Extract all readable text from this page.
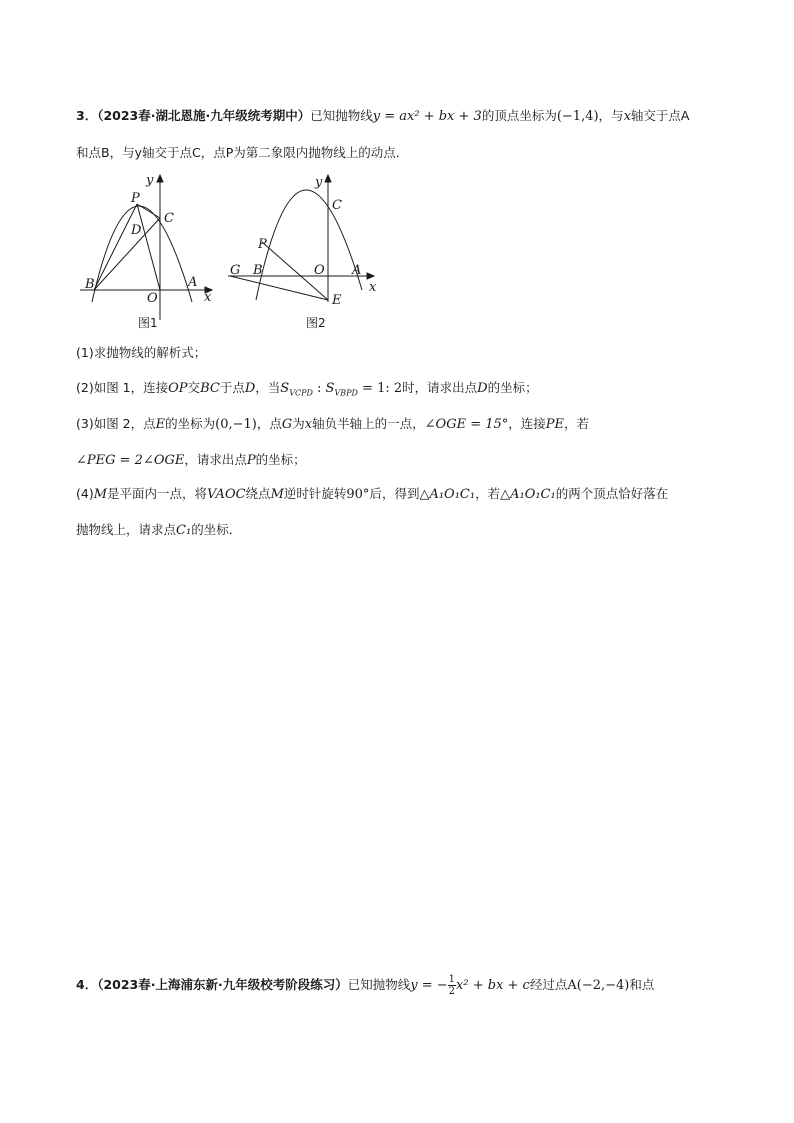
3．（2023春·湖北恩施·九年级统考期中）已知抛物线y = ax² + bx + 3的顶点坐标为(−1,4)，与x轴交于点A
和点B，与y轴交于点C，点P为第二象限内抛物线上的动点．
P
C
D
B	A
O	x
y
图1
P
C
G B	O A
E
x
y
图2
(1)求抛物线的解析式；
(2)如图 1，连接OP交BC于点D，当$S_{VCPD}$ : $S_{VBPD} = 1$: 2时，请求出点D的坐标；
(3)如图 2，点E的坐标为(0,−1)，点G为x轴负半轴上的一点，∠OGE = 15°，连接PE，若
∠PEG = 2∠OGE，请求出点P的坐标；
(4)M是平面内一点，将VAOC绕点M逆时针旋转90°后，得到△A₁O₁C₁，若△A₁O₁C₁的两个顶点恰好落在
抛物线上，请求点C₁的坐标．
4．（2023春·上海浦东新·九年级校考阶段练习）已知抛物线y = − $\frac{1}{2} x^2$ + bx + c经过点A(−2,−4)和点
